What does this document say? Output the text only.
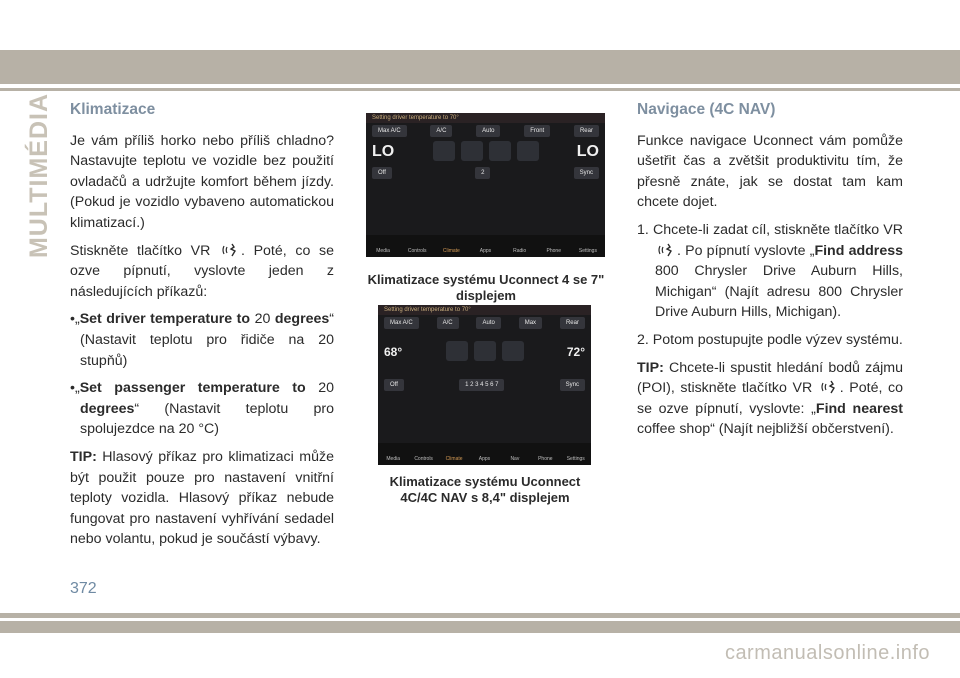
MULTIMÉDIA Klimatizace

Je vám příliš horko nebo příliš chladno? Nastavujte teplotu ve vozidle bez použití ovladačů a udržujte komfort během jízdy. (Pokud je vozidlo vybaveno automatickou klimatizací.)

Stiskněte tlačítko VR . Poté, co se ozve pípnutí, vyslovte jeden z následujících příkazů:

•„Set driver temperature to 20 degrees“ (Nastavit teplotu pro řidiče na 20 stupňů)

•„Set passenger temperature to 20 degrees“ (Nastavit teplotu pro spolujezdce na 20 °C)

TIP: Hlasový příkaz pro klimatizaci může být použit pouze pro nastavení vnitřní teploty vozidla. Hlasový příkaz nebude fungovat pro nastavení vyhřívání sedadel nebo volantu, pokud je součástí výbavy.

Setting driver temperature to 70°
Max A/C	A/C	Auto	Front	Rear
LO	LO
Off	2	Sync
Media	Controls	Climate	Apps	Radio	Phone	Settings
Klimatizace systému Uconnect 4 se 7" displejem
Setting driver temperature to 70°
Max A/C	A/C	Auto	Max	Rear
68°	72°
Off	1 2 3 4 5 6 7	Sync
Media	Controls	Climate	Apps	Nav	Phone	Settings
Klimatizace systému Uconnect 4C/4C NAV s 8,4" displejem
Navigace (4C NAV)

Funkce navigace Uconnect vám pomůže ušetřit čas a zvětšit produktivitu tím, že přesně znáte, jak se dostat tam kam chcete dojet.

1. Chcete-li zadat cíl, stiskněte tlačítko VR . Po pípnutí vyslovte „Find address 800 Chrysler Drive Auburn Hills, Michigan“ (Najít adresu 800 Chrysler Drive Auburn Hills, Michigan).

2. Potom postupujte podle výzev systému.

TIP: Chcete-li spustit hledání bodů zájmu (POI), stiskněte tlačítko VR . Poté, co se ozve pípnutí, vyslovte: „Find nearest coffee shop“ (Najít nejbližší občerstvení).

372
carmanualsonline.info
